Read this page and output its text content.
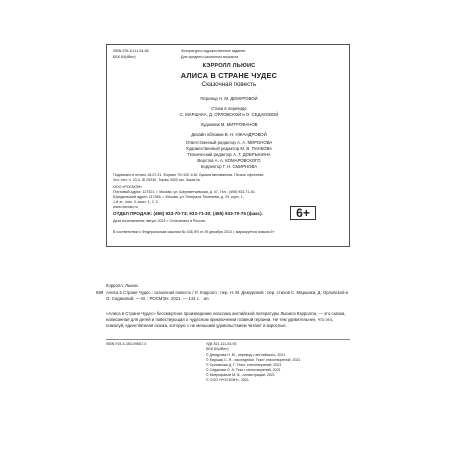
ISBN 978-5-111-34-56
ББК 84(4Вел)
Литературно-художественное издание
Для среднего школьного возраста
КЭРРОЛЛ ЛЬЮИС
АЛИСА В СТРАНЕ ЧУДЕС
Сказочная повесть
Перевод Н. М. ДЕМУРОВОЙ
Стихи в переводе
С. МАРШАКА, Д. ОРЛОВСКОЙ и О. СЕДАКОВОЙ
Художник М. МИТРОФАНОВ
Дизайн обложки В. Н. НЖАНДРОВОЙ
Ответственный редактор А. А. МИРОНОВА
Художественный редактор М. В. ПАНКОВА
Технический редактор А. Т. ДОБРЫНИНА
Верстка А. А. КОМАРОВСКОГО
Корректор Г. Н. СМИРНОВА
Подписано в печать 16.07.21. Формат 70×100 1/16. Бумага мелованная. Печать офсетная.
Усл. печ. л. 23,4. ID 29240. Тираж 3000 экз. Заказ №
ООО «РОСМЭН»
Почтовый адрес: 127521, г. Москва, ул. Шереметьевская, д. 47. Тел.: (495) 933-71-30.
Юридический адрес: 117465, г. Москва, ул. Генерала Тюленева, д. 29, корп. 1,
1-й эт., пом. II, комн. 1, 2, 3.
www.rosman.ru
ОТДЕЛ ПРОДАЖ: (495) 933-70-73; 933-71-30; (495) 933-70-75 (факс).
Дата изготовления: август 2021 г. Отпечатано в России.
6+
В соответствии с Федеральным законом № 436-ФЗ от 29 декабря 2010 г. маркируется знаком 6+
Кэрролл, Льюис.
К89 Алиса в Стране Чудес : сказочная повесть / Л. Кэрролл ; пер. Н. М. Демуровой ; пер. стихов С. Маршака, Д. Орловской и О. Седаковой. — М. : РОСМЭН, 2021. — 144 с. : ил.
«Алиса в Стране Чудес» бессмертное произведение классика английской литературы Льюиса Кэрролла, — это сказка, написанная для детей и повествующая о чудесном приключении главной героини. Не тем удивительнее, что это, пожалуй, единственная сказка, которую с не меньшим удовольствием читают и взрослые.
ISBN 978-5-353-09667-4	УДК 821.111-34-93
ББК 84(4Вел)
© Демурова Н. М., перевод с английского, 2021
© Маршак С. Я., наследники. Текст стихотворений, 2021
© Орловская Д. Г. Текст стихотворений, 2021
© Седакова О. А. Текст стихотворений, 2021
© Митрофанов М. В., иллюстрации, 2021
© ООО «РОСМЭН», 2021
